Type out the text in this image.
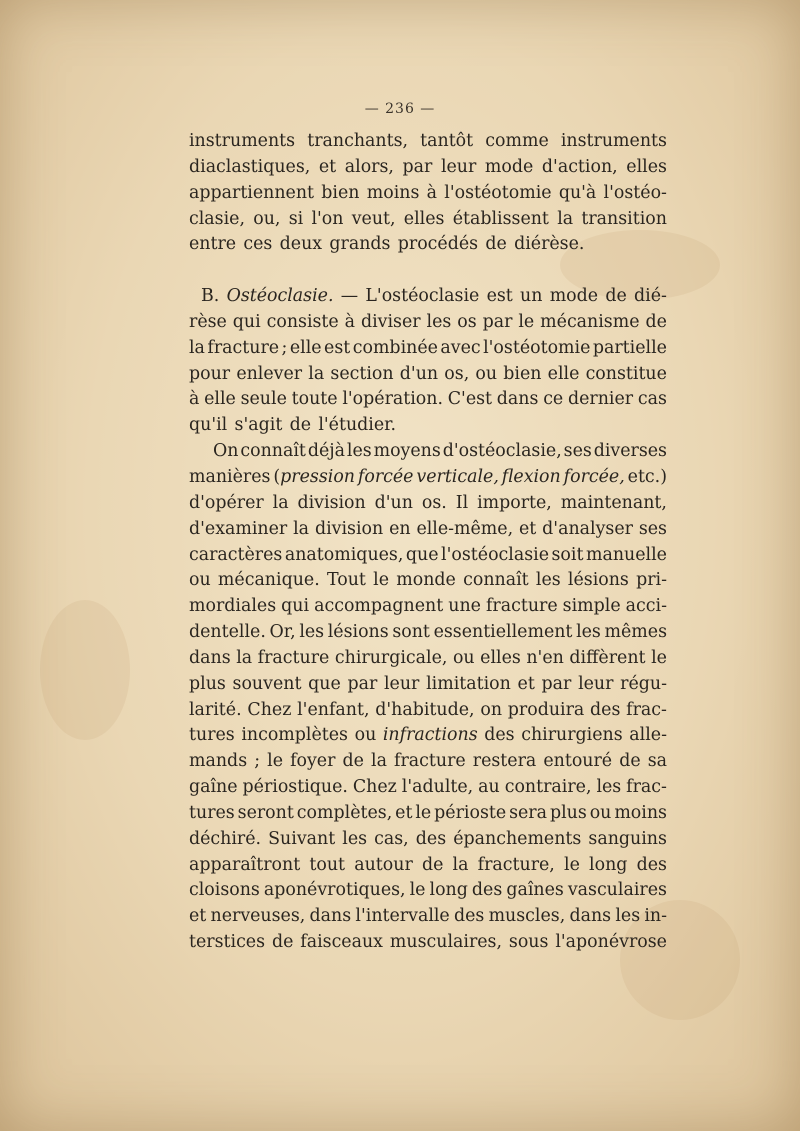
— 236 —
instruments tranchants, tantôt comme instruments
diaclastiques, et alors, par leur mode d'action, elles
appartiennent bien moins à l'ostéotomie qu'à l'ostéo-
clasie, ou, si l'on veut, elles établissent la transition
entre ces deux grands procédés de diérèse.
B. Ostéoclasie. — L'ostéoclasie est un mode de dié-
rèse qui consiste à diviser les os par le mécanisme de
la fracture ; elle est combinée avec l'ostéotomie partielle
pour enlever la section d'un os, ou bien elle constitue
à elle seule toute l'opération. C'est dans ce dernier cas
qu'il s'agit de l'étudier.
On connaît déjà les moyens d'ostéoclasie, ses diverses
manières (pression forcée verticale, flexion forcée, etc.)
d'opérer la division d'un os. Il importe, maintenant,
d'examiner la division en elle-même, et d'analyser ses
caractères anatomiques, que l'ostéoclasie soit manuelle
ou mécanique. Tout le monde connaît les lésions pri-
mordiales qui accompagnent une fracture simple acci-
dentelle. Or, les lésions sont essentiellement les mêmes
dans la fracture chirurgicale, ou elles n'en diffèrent le
plus souvent que par leur limitation et par leur régu-
larité. Chez l'enfant, d'habitude, on produira des frac-
tures incomplètes ou infractions des chirurgiens alle-
mands ; le foyer de la fracture restera entouré de sa
gaîne périostique. Chez l'adulte, au contraire, les frac-
tures seront complètes, et le périoste sera plus ou moins
déchiré. Suivant les cas, des épanchements sanguins
apparaîtront tout autour de la fracture, le long des
cloisons aponévrotiques, le long des gaînes vasculaires
et nerveuses, dans l'intervalle des muscles, dans les in-
terstices de faisceaux musculaires, sous l'aponévrose
